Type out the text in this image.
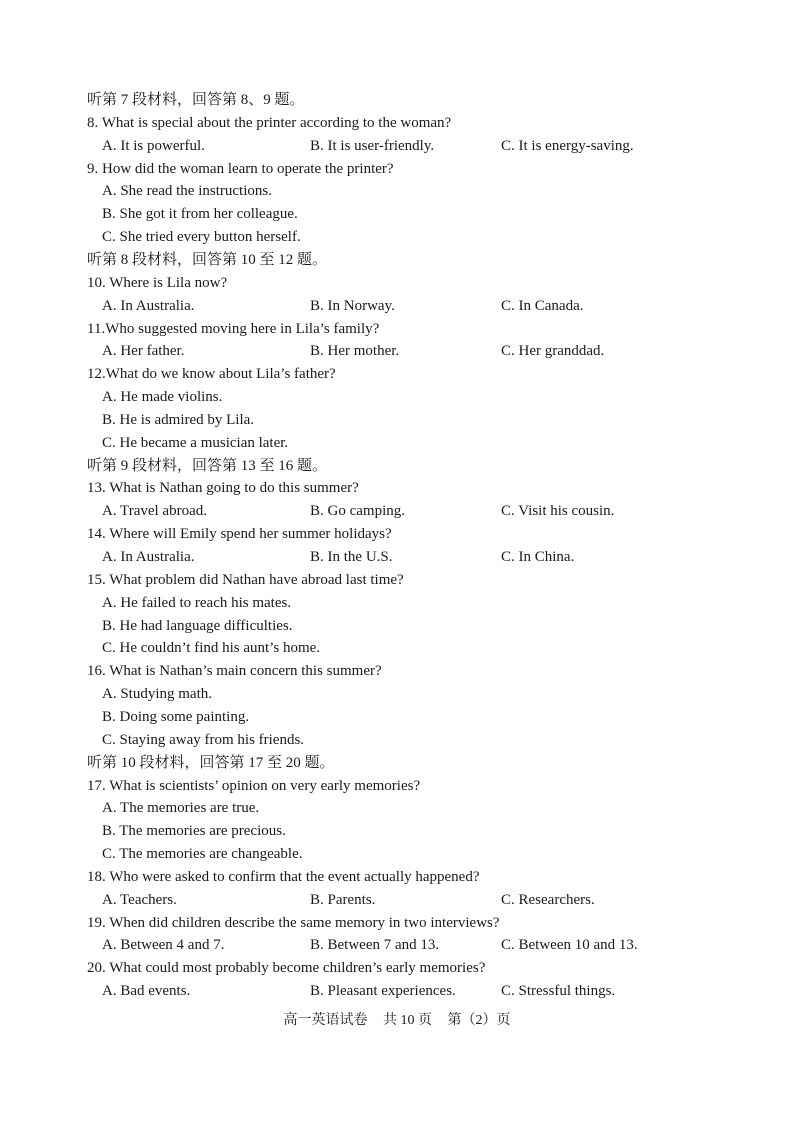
听第 7 段材料，回答第 8、9 题。
8. What is special about the printer according to the woman?
A. It is powerful.	B. It is user-friendly.	C. It is energy-saving.
9. How did the woman learn to operate the printer?
A. She read the instructions.
B. She got it from her colleague.
C. She tried every button herself.
听第 8 段材料，回答第 10 至 12 题。
10. Where is Lila now?
A. In Australia.	B. In Norway.	C. In Canada.
11.Who suggested moving here in Lila’s family?
A. Her father.	B. Her mother.	C. Her granddad.
12.What do we know about Lila’s father?
A. He made violins.
B. He is admired by Lila.
C. He became a musician later.
听第 9 段材料，回答第 13 至 16 题。
13. What is Nathan going to do this summer?
A. Travel abroad.	B. Go camping.	C. Visit his cousin.
14. Where will Emily spend her summer holidays?
A. In Australia.	B. In the U.S.	C. In China.
15. What problem did Nathan have abroad last time?
A. He failed to reach his mates.
B. He had language difficulties.
C. He couldn’t find his aunt’s home.
16. What is Nathan’s main concern this summer?
A. Studying math.
B. Doing some painting.
C. Staying away from his friends.
听第 10 段材料，回答第 17 至 20 题。
17. What is scientists’ opinion on very early memories?
A. The memories are true.
B. The memories are precious.
C. The memories are changeable.
18. Who were asked to confirm that the event actually happened?
A. Teachers.	B. Parents.	C. Researchers.
19. When did children describe the same memory in two interviews?
A. Between 4 and 7.	B. Between 7 and 13.	C. Between 10 and 13.
20. What could most probably become children’s early memories?
A. Bad events.	B. Pleasant experiences.	C. Stressful things.
高一英语试卷 共 10 页 第（2）页
